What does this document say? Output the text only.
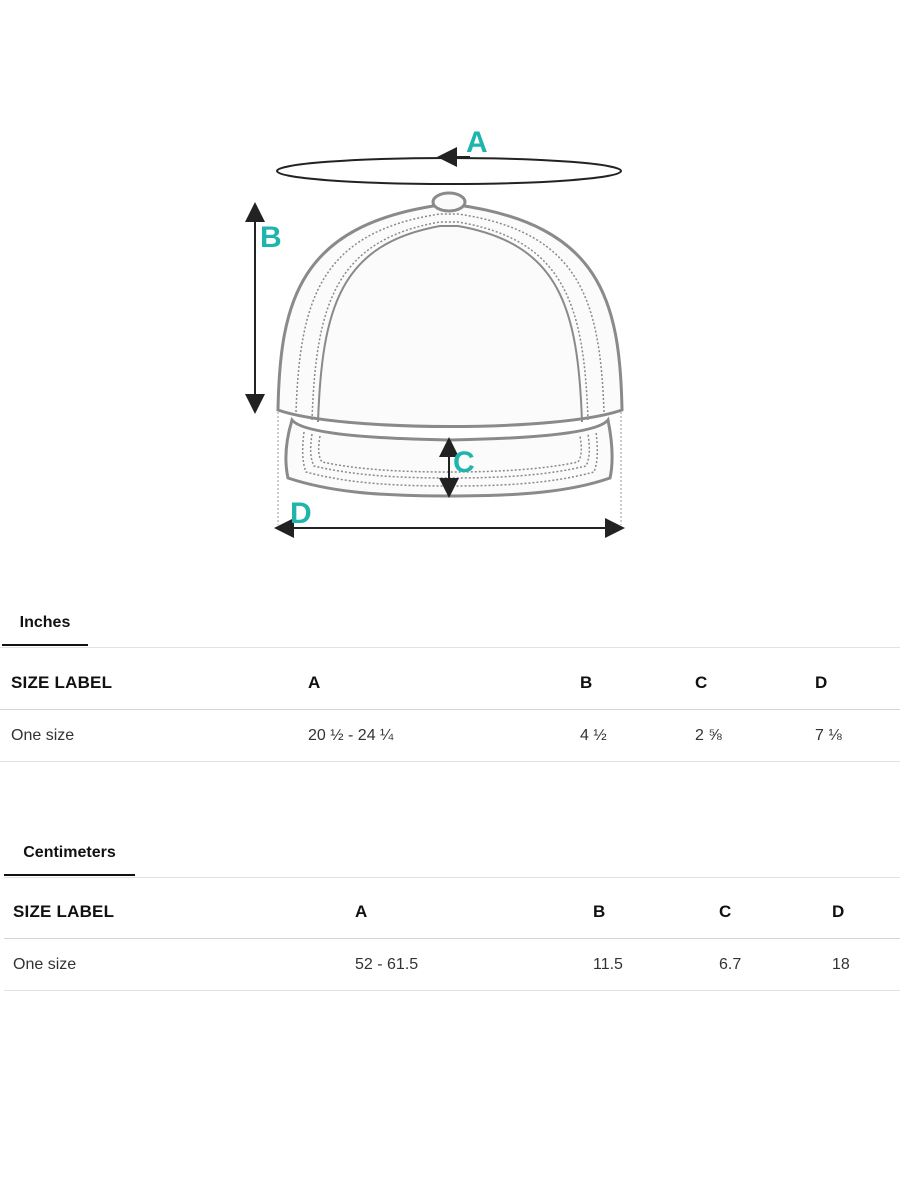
A
B
C
D
Inches
SIZE LABEL	A	B	C	D
One size	20 ½ - 24 ¼	4 ½	2 ⅝	7 ⅛
Centimeters
SIZE LABEL	A	B	C	D
One size	52 - 61.5	11.5	6.7	18
